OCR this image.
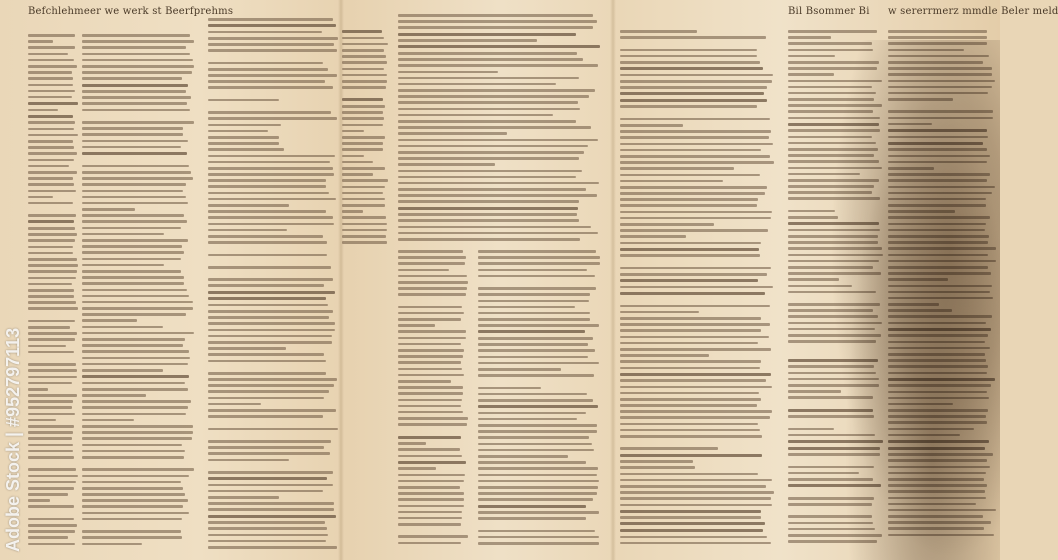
Befchlehmeer we werk st Beerfprehms	Bil Bsommer Bi w sererrmerz mmdle Beler meld
Adobe Stock | #952797113
